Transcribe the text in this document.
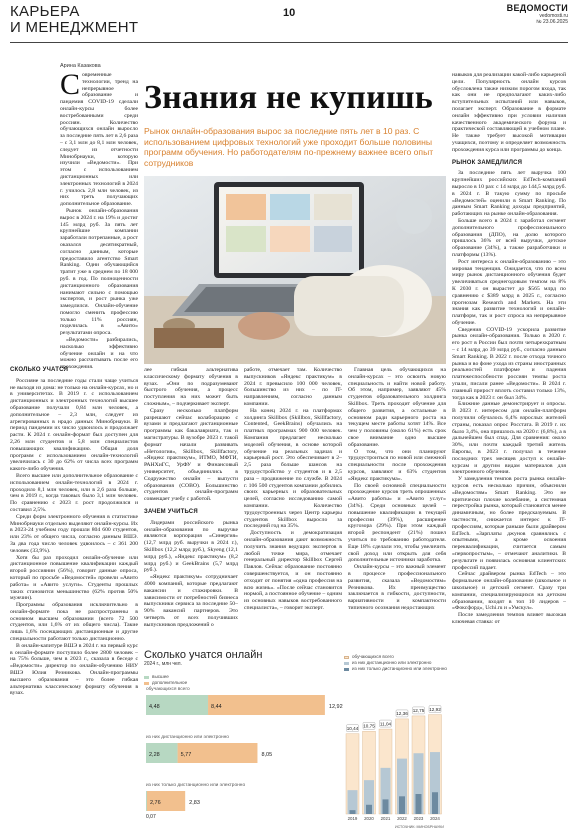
КАРЬЕРА
И МЕНЕДЖМЕНТ
10	ВЕДОМОСТИ
vedomosti.ru
№ 23.06.2025
Арина Казакова
Знания не купишь
Рынок онлайн-образования вырос за последние пять лет в 10 раз. С использованием цифровых технологий уже проходит больше половины программ обучения. Но работодателям по-прежнему важнее всего опыт сотрудников

Современные технологии, тренд на непрерывное образование и пандемия COVID-19 сделали онлайн-курсы более востребованными среди россиян. Количество обучающихся онлайн выросло за последние пять лет в 2,6 раза – с 3,1 млн до 8,1 млн человек, следует из отчетности Минобрнауки, которую изучили «Ведомости». При этом с использованием дистанционных или электронных технологий в 2024 г. училось 2,8 млн человек, из них треть получающих дополнительное образование.

Рынок онлайн-образования вырос в 2024 г. на 19% и достиг 145 млрд руб. За пять лет крупнейшие компании заработали потрепанные, а рост оказался десятикратный, согласно данным, которые предоставило агентство Smart Ranking. Одни обучающийся тратит уже в среднем по 18 000 руб. в год. По полноценности дистанционного образования нанимают сильно с помощью экспертов, и рост рынка уже замедлился. Онлайн-обучение помогло сменить профессию только 11% россиян, поделилась в «Авито» результатами опроса.

«Ведомости» разбирались, насколько эффективно обучение онлайн и на что можно рассчитывать после его прохождения.

СКОЛЬКО УЧАТСЯ

Россияне за последние годы стали чаще учиться не выходя из дома: не только на онлайн-курсах, но и в университетах. В 2019 г. с использованием дистанционных и электронных технологий высшее образование получали 0,84 млн человек, а дополнительное – 2,3 млн, следует из агрегированных в нрадо данных Минобрнауки. В период пандемии их число удвоилось и продолжает расти. К 2024 г. онлайн-формат был доступен для 2,26 млн студентов и 5,8 млн специалистов повышающих квалификацию. Общая доля программ с использованием онлайн-технологий увеличилась с 30 до 62% от числа всех программ какого-либо обучения.

Всего высшее или дополнительное образование с использованием онлайн-технологий в 2024 г. проходило 8,1 млн человек, или в 2,6 раза больше, чем в 2019 г., когда таковых было 3,1 млн человек. По сравнению с 2023 г. рост продолжился и составил 2,5%.

Среди форм электронного обучения в статистике Минобрнауки отдельно выделяют онлайн-курсы. Их в 2023-24 учебном году прошли 804 600 студентов, или 23% от общего числа, согласно данным ВШЭ. За два года число человек удвоилось – с 361 200 человек (33,9%).

Хотя бы раз проходил онлайн-обучение или дистанционное повышение квалификации каждый второй россиянин (56%), говорит данные опроса, который по просьбе «Ведомостей» провели «Авито работа» и «Авито услуги». Студенты прошлых таких становится меньшинство (62% против 50% мужчин).

Программы образования исключительно в онлайн-формате пока не распространены в основном высшем образовании (всего 72 500 студентов, или 1,6% от их общего числа). Такие лишь 1,6% посещающих дистанционные и другие специальности работают только дистанционно.

В онлайн-капитуре ВШЭ в 2024 г. на первый курс в онлайн-формате поступило более 2800 человек – на 75% больше, чем в 2023 г., сказала в беседе с «Ведомости» директор по онлайн-обучению НИУ ВШЭ Юлия Резникова. Онлайн-программы высшего образования – это более гибкая альтернатива классическому формату обучения в вузах.

лее гибкая альтернатива классическому формату обучения в вузах. «Они по подразумевают быстрого обучения, а процесс поступления на них может быть сложным», – подчеркивает эксперт.

Сразу несколько платформ разрешают сейчас колаборацию с вузами и предлагают дистанционные программы как бакалавриата, так и магистратуры. В вузобре 2023 г. такой формат начали развивать «Нетология», Skillbox, Skillfactory, «Яндекс практикум», ИТМО, МФТИ, РАНХиГС, УрФУ и Финансовый университет, объединились в Содружество онлайн – выпусти образования (СОВО). Большинство студентов онлайн-программ совмещает учебу с работой.

ЗАЧЕМ УЧИТЬСЯ

Лидерами российского рынка онлайн-образования по выручке являются корпорация «Синергия» (12,7 млрд руб. выручки в 2024 г.), Skillbox (12,2 млрд руб.), Skyeng (12,1 млрд руб.), «Яндекс практикум» (8,2 млрд руб.) и GeekBrains (5,7 млрд руб.).

«Яндекс практикум» сотрудничает 4000 компаний, которые предлагают вакансии и стажировки. В зависимости от потребностей бизнеса выпускники сервиса за последние 50–90% вакансий партнеров. Это четверть от всех получивших выпускников предложений о

работе, отмечает там. Количество выпускников «Яндекс практикум» в 2024 г. превысило 100 000 человек, большинство из них – по IT-направлениям, согласно данным компании.

На конец 2024 г. на платформах холдинга Skillbox (Skillbox, Skillfactory, Contented, GeekBrains) обучались на платных программах 900 000 человек. Компания предлагает несколько моделей обучения, в основе которой обучение на реальных задачах и карьерный рост. Это обеспечивает в 2–2,5 раза больше шансов на трудоустройство у студентов и в 2,5 раза – продвижение по службе. В 2024 г. 106 500 студентов компании добились своих карьерных и образовательных целей, согласно исследованию самой компании. Количество трудоустроенных через Центр карьеры студентов Skillbox выросло за последний год на 35%.

Доступность и демократизация онлайн-образования дают возможность получить знания ведущих экспертов в любой точке мира, отмечает генеральный директор Skillbox Сергей Павлов. Сейчас образование постоянно совершенствуется, и он постоянно отходит от понятия «одна профессия на всю жизнь». «После сейчас становится нормой, а постоянное обучение – одним из основных навыков востребованного специалиста», – говорит эксперт.

Главная цель обучающихся на онлайн-курсах – это освоить новую специальность и найти новой работу. Об этом, например, заявляют 45% студентов образовательного холдинга Skillbox. Треть проходит обучение для общего развития, а остальные в основном ради карьерного роста на текущем месте работы хотят 14%. Все чем у половины (около 61%) есть срок свое внимание одно высшее образование.

О том, что они планируют трудоустроиться по новой или смежной специальности после прохождения курсов, заявляют и 63% студентов «Яндекс практикума».

По своей основной специальности прохождение курсов треть опрошенных «Авито работы» и «Авито услуг» (34%). Среди основных целей – повышение квалификации в текущей профессии (39%), расширение кругозора (29%). При этом каждый второй респондент (21%) пошел учиться по требованию работодателя. Еще 18% сделали это, чтобы увеличить свой доход или открыть для себя дополнительные источники заработка.

Онлайн-курсы – это важный элемент в процессе профессионального развития, сказала «Ведомостям» Резникова. Их преимущество заключается в гибкости, доступности, вариативности и компактности типичного осознания недостающих

навыков для реализации какой-либо карьерной цели. Популярность онлайн курсов обусловлена также низким порогом входа, так как они не предполагают каких-либо вступительных испытаний или навыков, полагает эксперт. Образование в формате онлайн эффективно при условии наличия качественного академического форума и практической составляющей в учебном плане. Не также требует высокой мотивации учащихся, поэтому и определяет возможность прохождения курса или программы до конца.

РЫНОК ЗАМЕДЛИЛСЯ

За последние пять лет выручка 100 крупнейших российских EdTech-компаний выросло в 10 раз: с 14 млрд до 144,5 млрд руб. в 2024 г. В такую сумму по просьбе «Ведомостей» оценили в Smart Ranking. По данным Smart Ranking доходы предприятий, работающих на рынке онлайн-образования.

Больше всего в 2024 г. заработал сегмент дополнительного профессионального образования (ДПО), на долю которого пришлось 36% от всей выручки, детское образование (34%), а также разработчики и платформы (13%).

Рост интереса к онлайн-образованию – это мировая тенденция. Ожидается, что по всем миру рынок дистанционного обучения будет увеличиваться среднегодовым темпом на 8% К 2030 г. он вырастет до $565 млрд по сравнению с $389 млрд в 2025 г., согласно прогнозам Research and Markets. На эти знания как развитие технологий и онлайн-платформ, так и рост спроса на непрерывное обучение.

Сведения COVID-19 ускорила развитие рынка онлайн-образования. Только в 2020 г. его рост в России был почти четырехкратным – с 14 млрд до 39 млрд руб., согласно данным Smart Ranking. В 2022 г. после отхода точного рынка и во фоне ухода из страны иностранных реальностей платформе и падения платежеспособности россиян темпы роста упали, писали ранее «Ведомости». В 2024 г. главный прирост вплоть составил только 13%, тогда как в 2023 г. он был 34%.

Ближние данные демонстрирует и опросы. В 2023 г. интересом для онлайн-платформ получили обучалось 6,4% взрослых жителей страны, показал опрос Росстата. В 2019 г. их было 3,4%, она пришлось на 2020 г. (6,8%), а в дальнейшем был спад. Для сравнения: около 30%, или почти каждый третий житель Европы, в 2023 г. получал в течение последних трех месяцев доступ к онлайн-курсам и другим видам материалов для электронного обучения.

У замедления темпов роста рынка онлайн-курсов есть несколько причин, объяснили «Ведомостям» Smart Ranking. Это не критически плохие колебание, а системная перестройка рынка, который становится менее динамичным, но более предсказуемым. В частности, снижается интерес к IT-профессиям, которые раньше были драйвером EdTech. «Зарплаты джунов сравнялись с опытными, а кроме освоения переквалификации, считается самым «первопростым», – отмечают аналитики. В результате и появилась основная клиентских профессий падает.

Сейчас драйвером рынка EdTech – это формальное онлайн-образование (школьное и школьное) и детский сегмент. Сразу три компании, специализирующихся на детском образовании, входят в топ 10 лидеров – «Фоксфорд», Uchi.ru и «Умскул».

После замедления темпов влияет высокая ключевая ставка: от

Сколько учатся онлайн
2024 г., млн чел.
высшее
дополнительное
обучающихся всего
из них дистанционно или электронно
из них только дистанционно или электронно
обучающихся всего
4,48	8,44	12,92
из них дистанционно или электронно
2,28	5,77	8,05
из них только дистанционно или электронно
0,07
2,76	2,83
10,44
2019
10,75
2020
11,04
2021
12,36
2022
12,75
2023
12,92
2024
ИСТОЧНИК: МИНОБРНАУКИ
